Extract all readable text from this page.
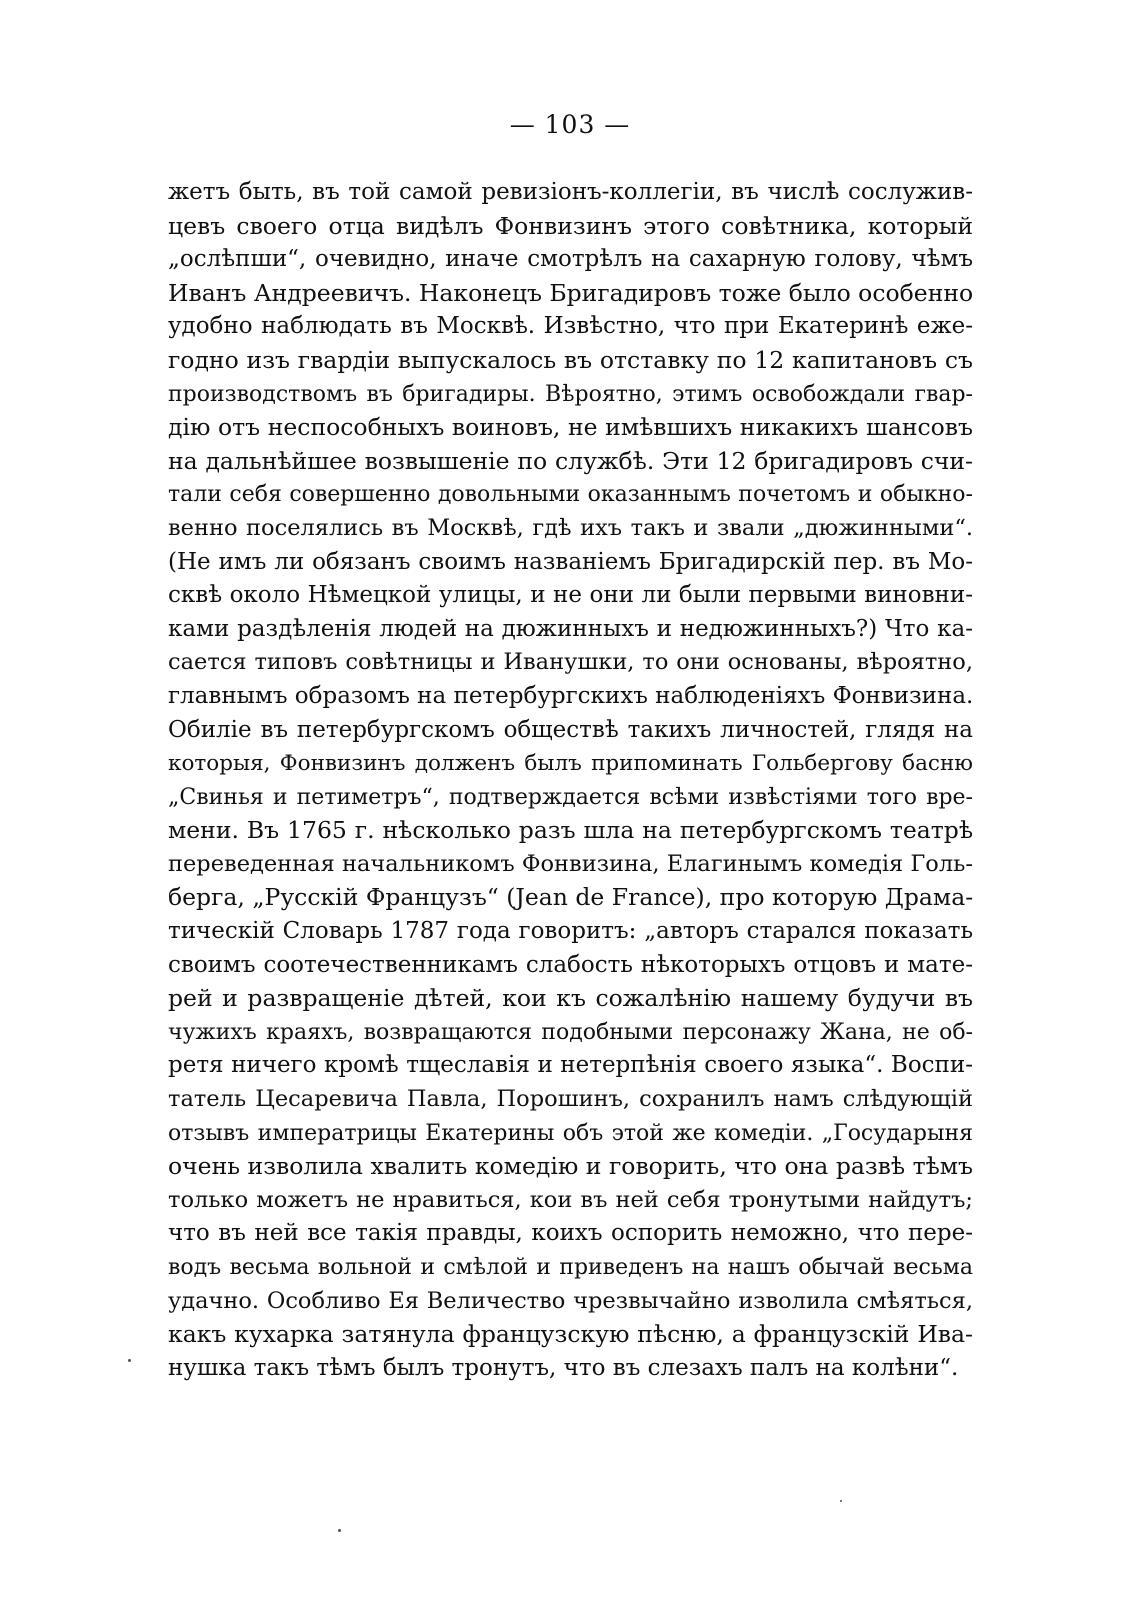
— 103 —
жетъ быть, въ той самой ревизіонъ-коллегіи, въ числѣ сослужив-
цевъ своего отца видѣлъ Фонвизинъ этого совѣтника, который
„ослѣпши“, очевидно, иначе смотрѣлъ на сахарную голову, чѣмъ
Иванъ Андреевичъ. Наконецъ Бригадировъ тоже было особенно
удобно наблюдать въ Москвѣ. Извѣстно, что при Екатеринѣ еже-
годно изъ гвардіи выпускалось въ отставку по 12 капитановъ съ
производствомъ въ бригадиры. Вѣроятно, этимъ освобождали гвар-
дію отъ неспособныхъ воиновъ, не имѣвшихъ никакихъ шансовъ
на дальнѣйшее возвышеніе по службѣ. Эти 12 бригадировъ счи-
тали себя совершенно довольными оказаннымъ почетомъ и обыкно-
венно поселялись въ Москвѣ, гдѣ ихъ такъ и звали „дюжинными“.
(Не имъ ли обязанъ своимъ названіемъ Бригадирскій пер. въ Мо-
сквѣ около Нѣмецкой улицы, и не они ли были первыми виновни-
ками раздѣленія людей на дюжинныхъ и недюжинныхъ?) Что ка-
сается типовъ совѣтницы и Иванушки, то они основаны, вѣроятно,
главнымъ образомъ на петербургскихъ наблюденіяхъ Фонвизина.
Обиліе въ петербургскомъ обществѣ такихъ личностей, глядя на
которыя, Фонвизинъ долженъ былъ припоминать Гольбергову басню
„Свинья и петиметръ“, подтверждается всѣми извѣстіями того вре-
мени. Въ 1765 г. нѣсколько разъ шла на петербургскомъ театрѣ
переведенная начальникомъ Фонвизина, Елагинымъ комедія Голь-
берга, „Русскій Французъ“ (Jean de France), про которую Драма-
тическій Словарь 1787 года говоритъ: „авторъ старался показать
своимъ соотечественникамъ слабость нѣкоторыхъ отцовъ и мате-
рей и развращеніе дѣтей, кои къ сожалѣнію нашему будучи въ
чужихъ краяхъ, возвращаются подобными персонажу Жана, не об-
ретя ничего кромѣ тщеславія и нетерпѣнія своего языка“. Воспи-
татель Цесаревича Павла, Порошинъ, сохранилъ намъ слѣдующій
отзывъ императрицы Екатерины объ этой же комедіи. „Государыня
очень изволила хвалить комедію и говорить, что она развѣ тѣмъ
только можетъ не нравиться, кои въ ней себя тронутыми найдутъ;
что въ ней все такія правды, коихъ оспорить неможно, что пере-
водъ весьма вольной и смѣлой и приведенъ на нашъ обычай весьма
удачно. Особливо Ея Величество чрезвычайно изволила смѣяться,
какъ кухарка затянула французскую пѣсню, а французскій Ива-
нушка такъ тѣмъ былъ тронутъ, что въ слезахъ палъ на колѣни“.
